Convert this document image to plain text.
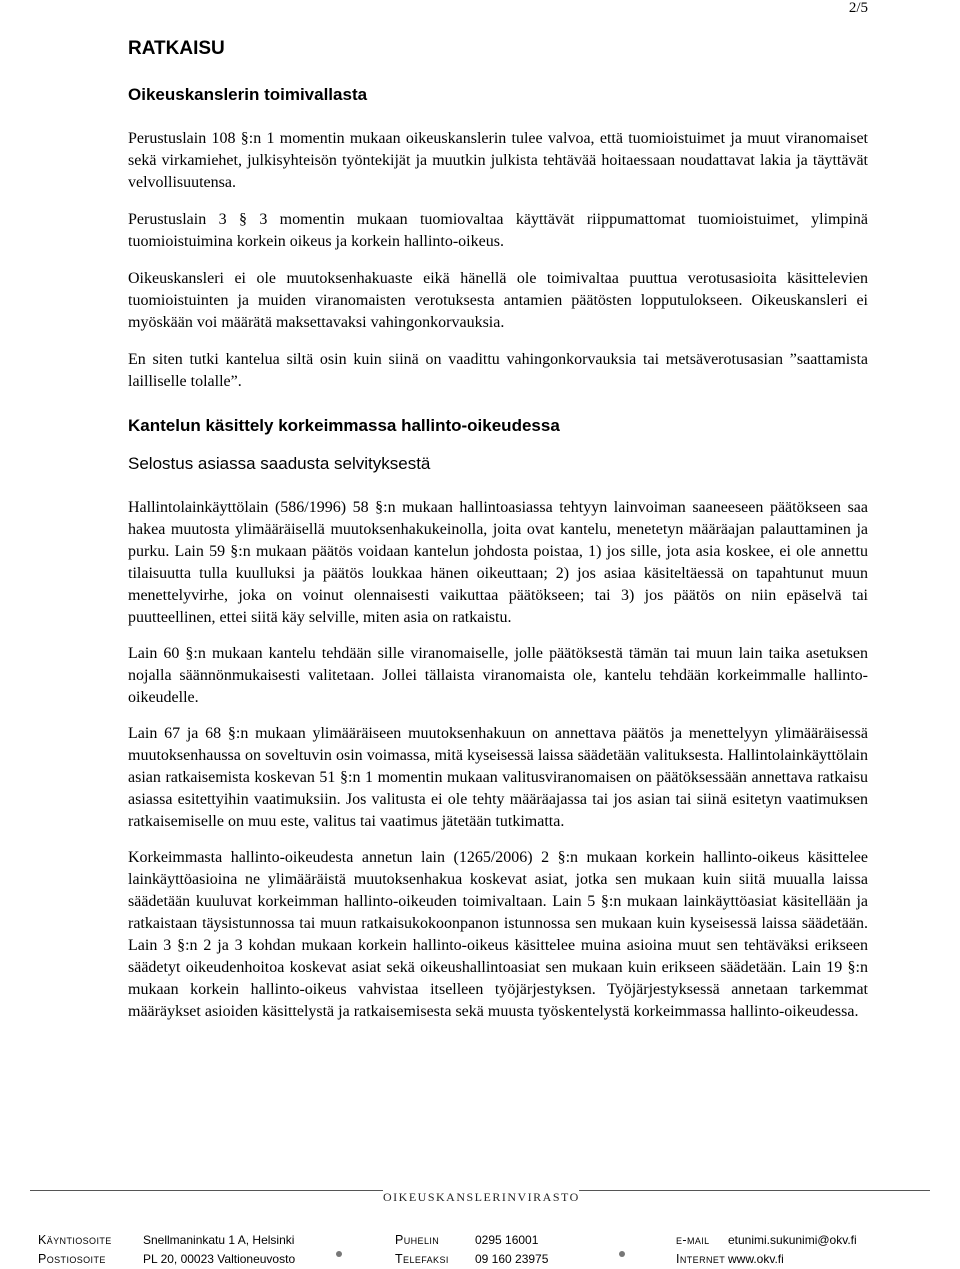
2/5
RATKAISU
Oikeuskanslerin toimivallasta

Perustuslain 108 §:n 1 momentin mukaan oikeuskanslerin tulee valvoa, että tuomioistuimet ja muut viranomaiset sekä virkamiehet, julkisyhteisön työntekijät ja muutkin julkista tehtävää hoitaessaan noudattavat lakia ja täyttävät velvollisuutensa.

Perustuslain 3 § 3 momentin mukaan tuomiovaltaa käyttävät riippumattomat tuomioistuimet, ylimpinä tuomioistuimina korkein oikeus ja korkein hallinto-oikeus.

Oikeuskansleri ei ole muutoksenhakuaste eikä hänellä ole toimivaltaa puuttua verotusasioita käsittelevien tuomioistuinten ja muiden viranomaisten verotuksesta antamien päätösten lopputulokseen. Oikeuskansleri ei myöskään voi määrätä maksettavaksi vahingonkorvauksia.

En siten tutki kantelua siltä osin kuin siinä on vaadittu vahingonkorvauksia tai metsäverotusasian ”saattamista lailliselle tolalle”.

Kantelun käsittely korkeimmassa hallinto-oikeudessa
Selostus asiassa saadusta selvityksestä

Hallintolainkäyttölain (586/1996) 58 §:n mukaan hallintoasiassa tehtyyn lainvoiman saaneeseen päätökseen saa hakea muutosta ylimääräisellä muutoksenhakukeinolla, joita ovat kantelu, menetetyn määräajan palauttaminen ja purku. Lain 59 §:n mukaan päätös voidaan kantelun johdosta poistaa, 1) jos sille, jota asia koskee, ei ole annettu tilaisuutta tulla kuulluksi ja päätös loukkaa hänen oikeuttaan; 2) jos asiaa käsiteltäessä on tapahtunut muun menettelyvirhe, joka on voinut olennaisesti vaikuttaa päätökseen; tai 3) jos päätös on niin epäselvä tai puutteellinen, ettei siitä käy selville, miten asia on ratkaistu.

Lain 60 §:n mukaan kantelu tehdään sille viranomaiselle, jolle päätöksestä tämän tai muun lain taika asetuksen nojalla säännönmukaisesti valitetaan. Jollei tällaista viranomaista ole, kantelu tehdään korkeimmalle hallinto-oikeudelle.

Lain 67 ja 68 §:n mukaan ylimääräiseen muutoksenhakuun on annettava päätös ja menettelyyn ylimääräisessä muutoksenhaussa on soveltuvin osin voimassa, mitä kyseisessä laissa säädetään valituksesta. Hallintolainkäyttölain asian ratkaisemista koskevan 51 §:n 1 momentin mukaan valitusviranomaisen on päätöksessään annettava ratkaisu asiassa esitettyihin vaatimuksiin. Jos valitusta ei ole tehty määräajassa tai jos asian tai siinä esitetyn vaatimuksen ratkaisemiselle on muu este, valitus tai vaatimus jätetään tutkimatta.

Korkeimmasta hallinto-oikeudesta annetun lain (1265/2006) 2 §:n mukaan korkein hallinto-oikeus käsittelee lainkäyttöasioina ne ylimääräistä muutoksenhakua koskevat asiat, jotka sen mukaan kuin siitä muualla laissa säädetään kuuluvat korkeimman hallinto-oikeuden toimivaltaan. Lain 5 §:n mukaan lainkäyttöasiat käsitellään ja ratkaistaan täysistunnossa tai muun ratkaisukokoonpanon istunnossa sen mukaan kuin kyseisessä laissa säädetään. Lain 3 §:n 2 ja 3 kohdan mukaan korkein hallinto-oikeus käsittelee muina asioina muut sen tehtäväksi erikseen säädetyt oikeudenhoitoa koskevat asiat sekä oikeushallintoasiat sen mukaan kuin erikseen säädetään. Lain 19 §:n mukaan korkein hallinto-oikeus vahvistaa itselleen työjärjestyksen. Työjärjestyksessä annetaan tarkemmat määräykset asioiden käsittelystä ja ratkaisemisesta sekä muusta työskentelystä korkeimmassa hallinto-oikeudessa.

OIKEUSKANSLERINVIRASTO
Käyntiosoite	Snellmaninkatu 1 A, Helsinki	Puhelin	0295 16001	e-mail etunimi.sukunimi@okv.fi
Postiosoite	PL 20, 00023 Valtioneuvosto	Telefaksi 09 160 23975	Internet www.okv.fi
